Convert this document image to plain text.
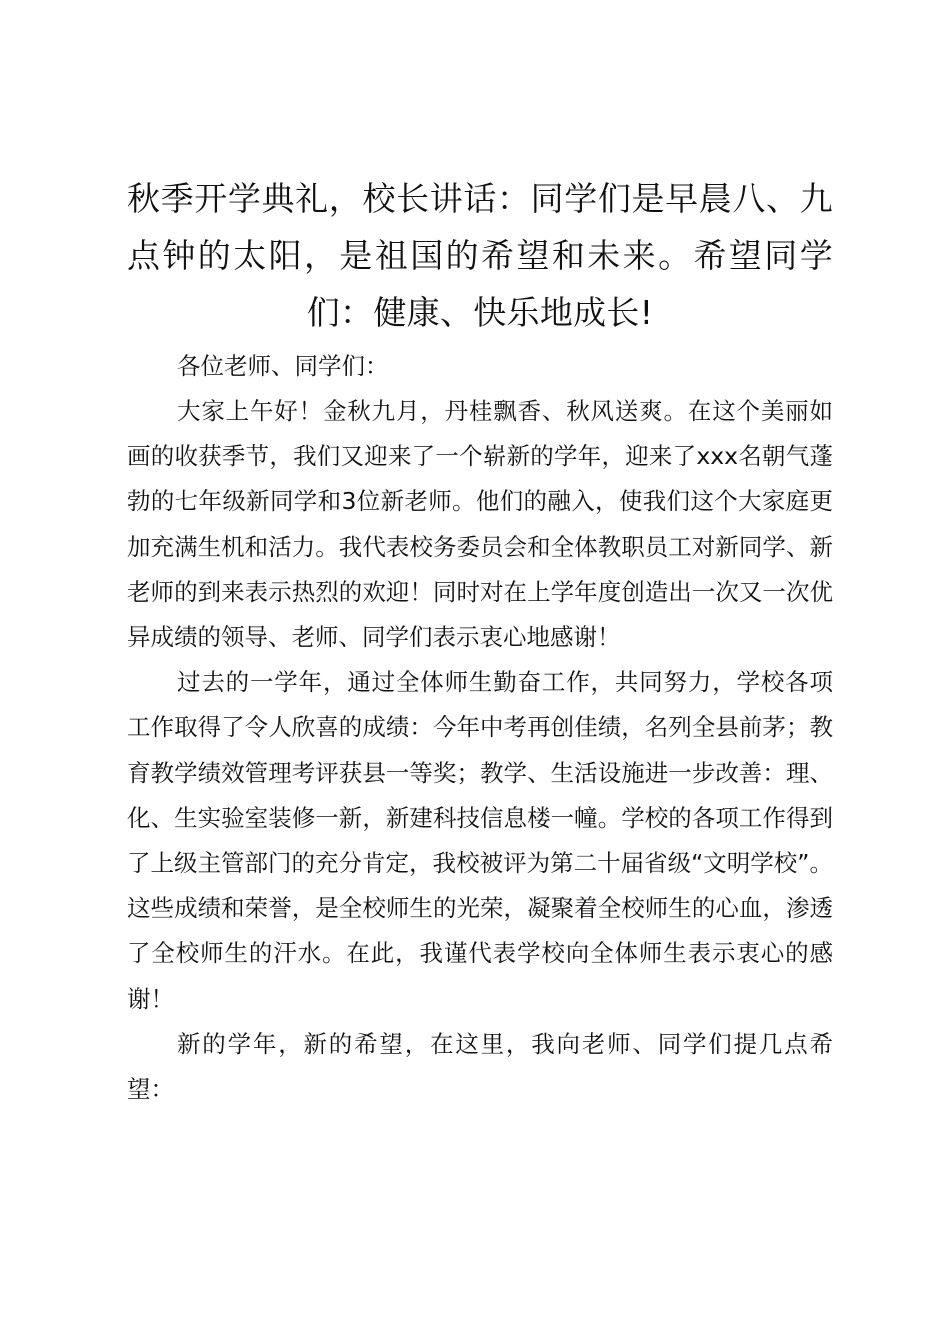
秋季开学典礼，校长讲话：同学们是早晨八、九点钟的太阳，是祖国的希望和未来。希望同学们：健康、快乐地成长!

各位老师、同学们：

大家上午好！金秋九月，丹桂飘香、秋风送爽。在这个美丽如画的收获季节，我们又迎来了一个崭新的学年，迎来了xxx名朝气蓬勃的七年级新同学和3位新老师。他们的融入，使我们这个大家庭更加充满生机和活力。我代表校务委员会和全体教职员工对新同学、新老师的到来表示热烈的欢迎！同时对在上学年度创造出一次又一次优异成绩的领导、老师、同学们表示衷心地感谢！

过去的一学年，通过全体师生勤奋工作，共同努力，学校各项工作取得了令人欣喜的成绩：今年中考再创佳绩，名列全县前茅；教育教学绩效管理考评获县一等奖；教学、生活设施进一步改善：理、化、生实验室装修一新，新建科技信息楼一幢。学校的各项工作得到了上级主管部门的充分肯定，我校被评为第二十届省级“文明学校”。这些成绩和荣誉，是全校师生的光荣，凝聚着全校师生的心血，渗透了全校师生的汗水。在此，我谨代表学校向全体师生表示衷心的感谢！

新的学年，新的希望，在这里，我向老师、同学们提几点希望：
